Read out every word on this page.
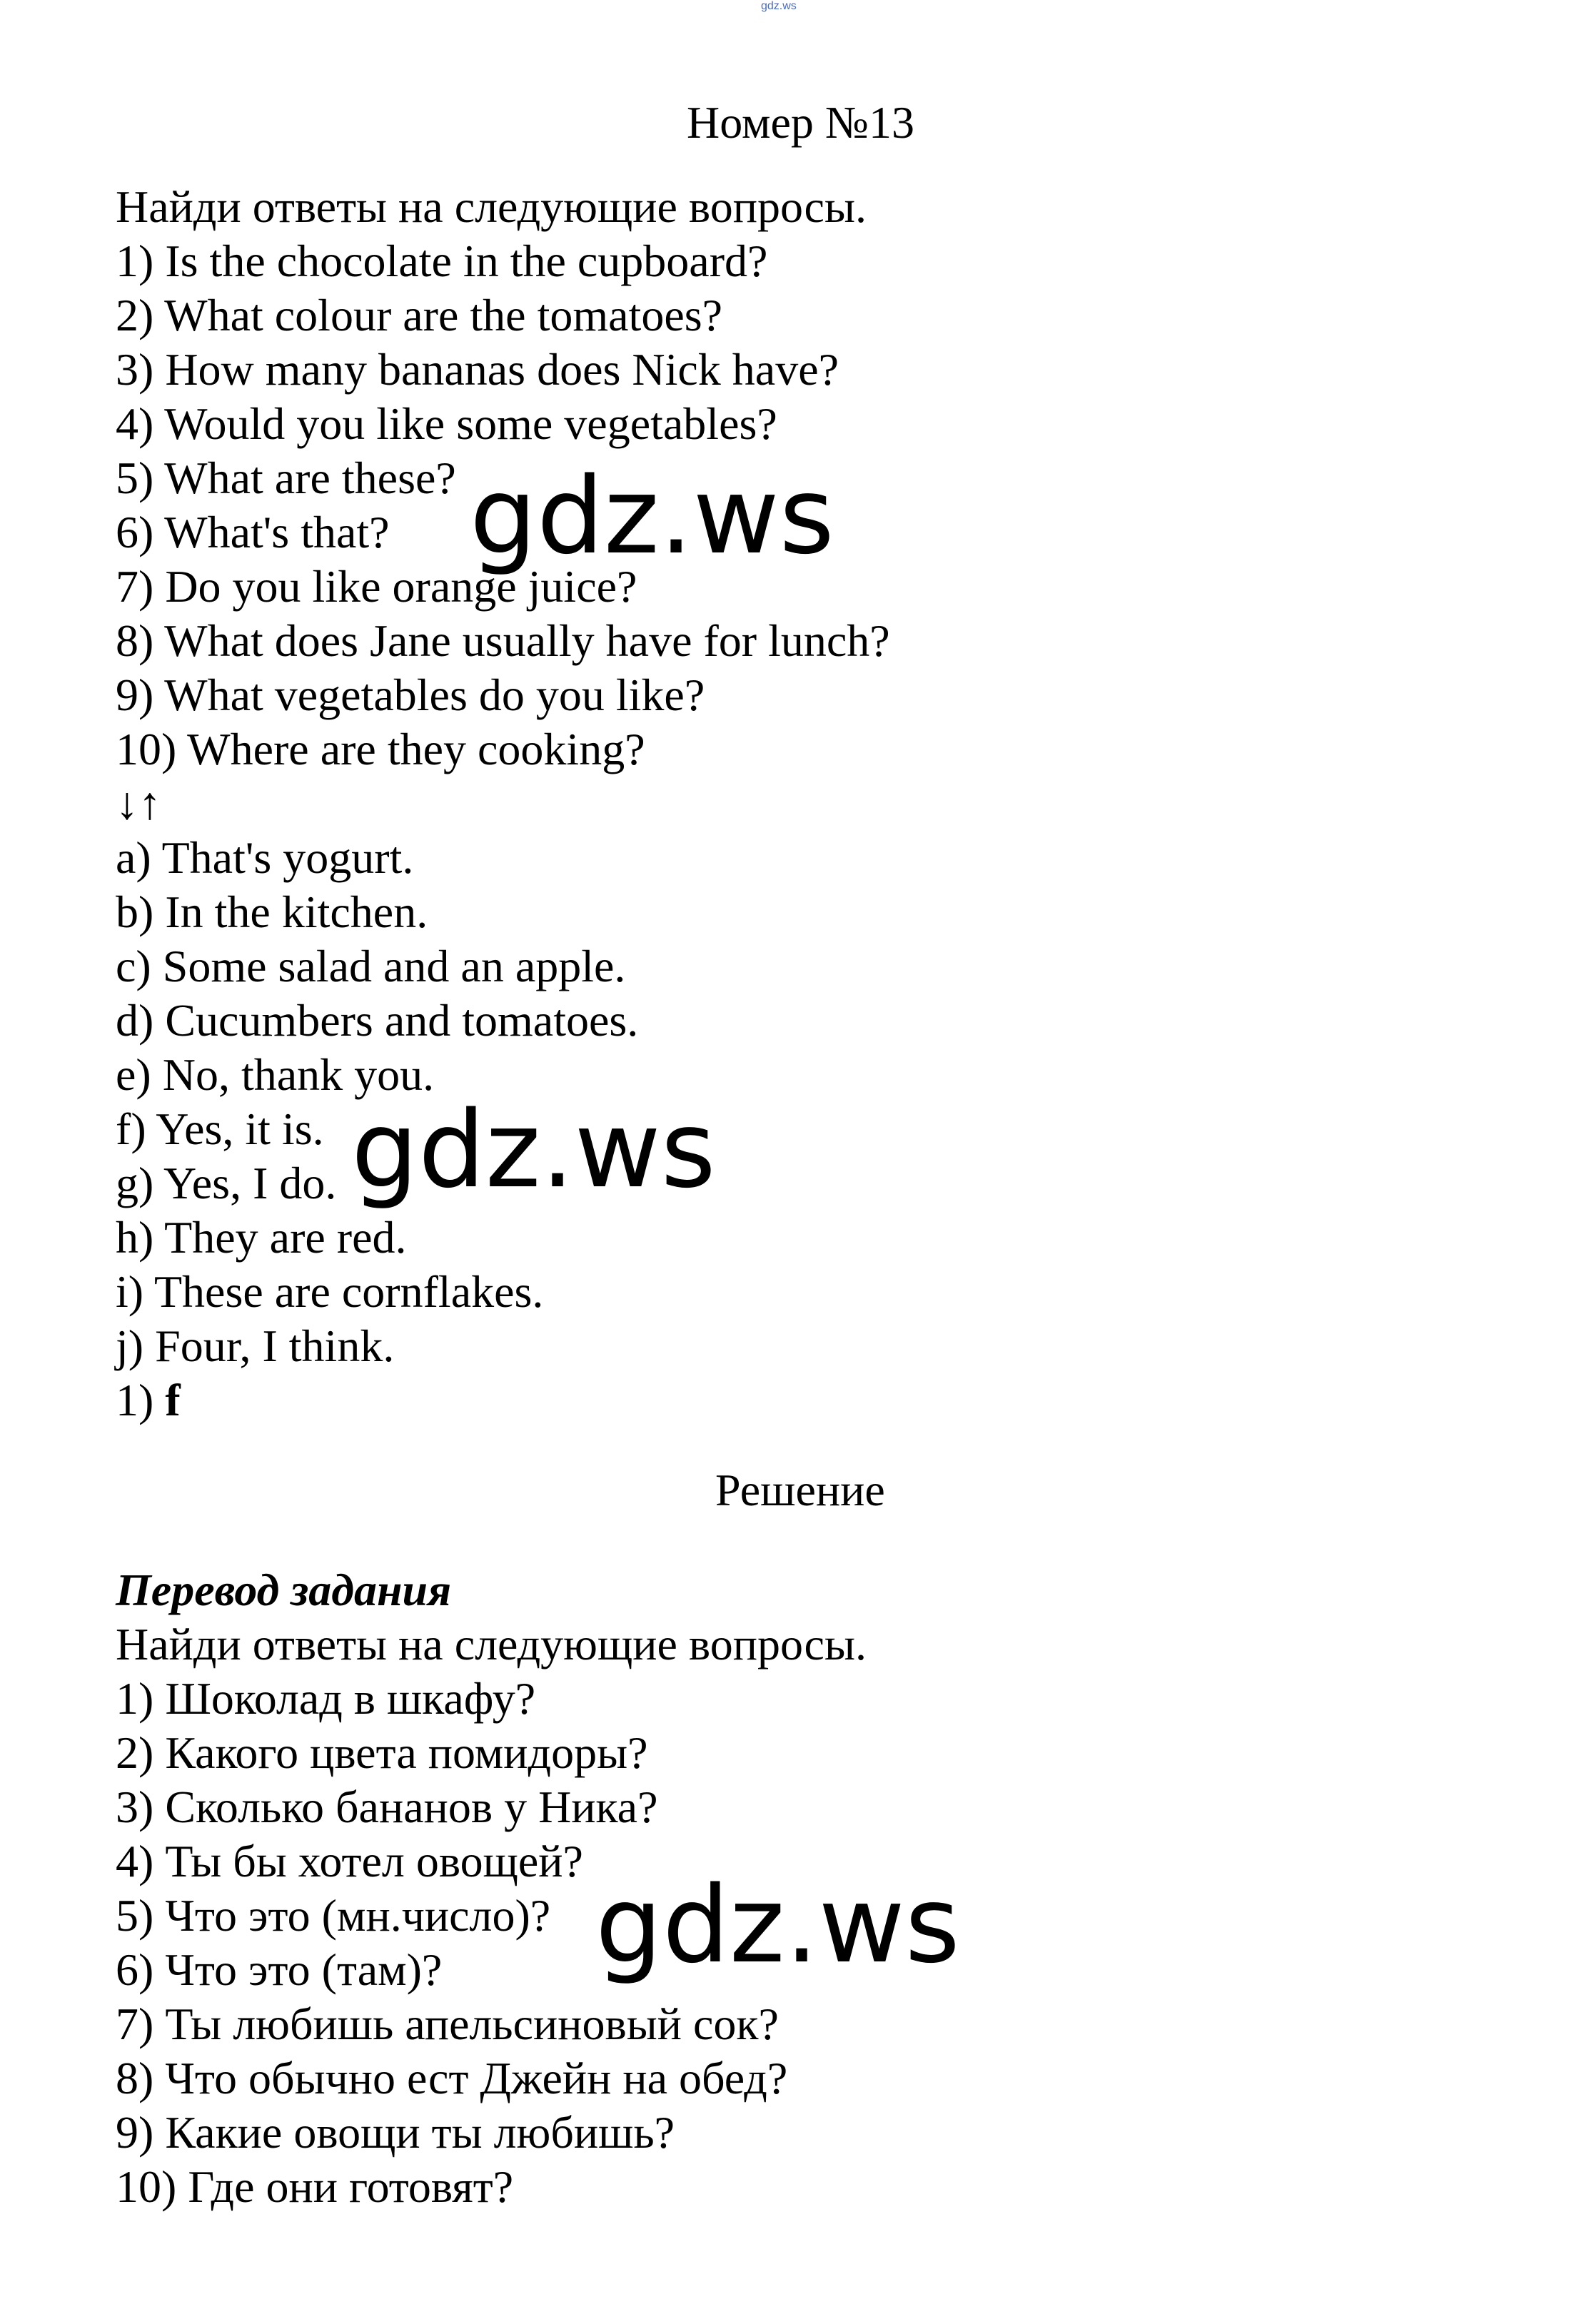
gdz.ws
Номер №13
Найди ответы на следующие вопросы.
1) Is the chocolate in the cupboard?
2) What colour are the tomatoes?
3) How many bananas does Nick have?
4) Would you like some vegetables?
5) What are these?
6) What's that?
7) Do you like orange juice?
8) What does Jane usually have for lunch?
9) What vegetables do you like?
10) Where are they cooking?
↓↑
a) That's yogurt.
b) In the kitchen.
c) Some salad and an apple.
d) Cucumbers and tomatoes.
e) No, thank you.
f) Yes, it is.
g) Yes, I do.
h) They are red.
i) These are cornflakes.
j) Four, I think.
1) f
Решение
Перевод задания
Найди ответы на следующие вопросы.
1) Шоколад в шкафу?
2) Какого цвета помидоры?
3) Сколько бананов у Ника?
4) Ты бы хотел овощей?
5) Что это (мн.число)?
6) Что это (там)?
7) Ты любишь апельсиновый сок?
8) Что обычно ест Джейн на обед?
9) Какие овощи ты любишь?
10) Где они готовят?
gdz.ws
gdz.ws
gdz.ws
